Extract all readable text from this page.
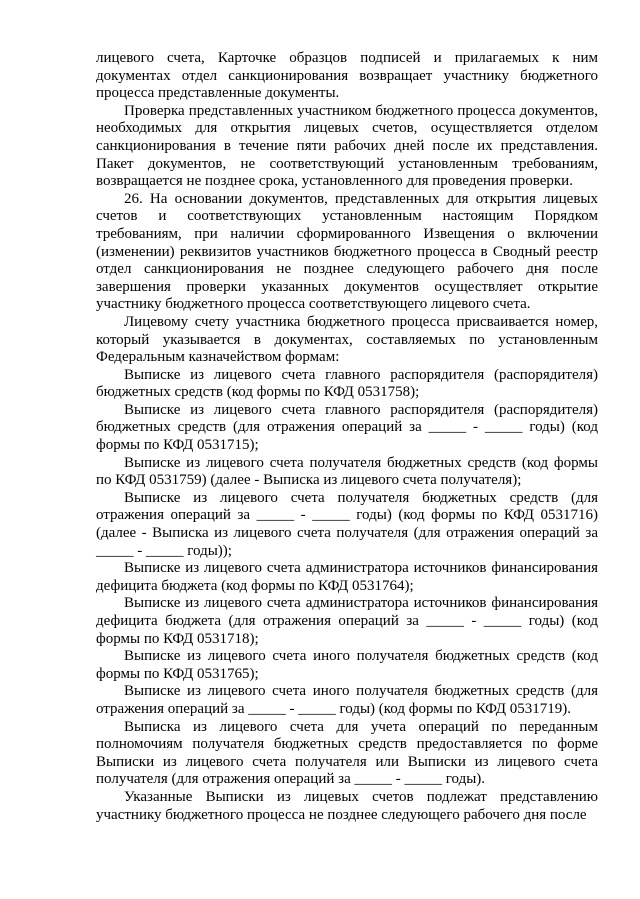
лицевого счета, Карточке образцов подписей и прилагаемых к ним документах отдел санкционирования возвращает участнику бюджетного процесса представленные документы.

Проверка представленных участником бюджетного процесса документов, необходимых для открытия лицевых счетов, осуществляется отделом санкционирования в течение пяти рабочих дней после их представления. Пакет документов, не соответствующий установленным требованиям, возвращается не позднее срока, установленного для проведения проверки.

26. На основании документов, представленных для открытия лицевых счетов и соответствующих установленным настоящим Порядком требованиям, при наличии сформированного Извещения о включении (изменении) реквизитов участников бюджетного процесса в Сводный реестр отдел санкционирования не позднее следующего рабочего дня после завершения проверки указанных документов осуществляет открытие участнику бюджетного процесса соответствующего лицевого счета.

Лицевому счету участника бюджетного процесса присваивается номер, который указывается в документах, составляемых по установленным Федеральным казначейством формам:

Выписке из лицевого счета главного распорядителя (распорядителя) бюджетных средств (код формы по КФД 0531758);

Выписке из лицевого счета главного распорядителя (распорядителя) бюджетных средств (для отражения операций за _____ - _____ годы) (код формы по КФД 0531715);

Выписке из лицевого счета получателя бюджетных средств (код формы по КФД 0531759) (далее - Выписка из лицевого счета получателя);

Выписке из лицевого счета получателя бюджетных средств (для отражения операций за _____ - _____ годы) (код формы по КФД 0531716) (далее - Выписка из лицевого счета получателя (для отражения операций за _____ - _____ годы));

Выписке из лицевого счета администратора источников финансирования дефицита бюджета (код формы по КФД 0531764);

Выписке из лицевого счета администратора источников финансирования дефицита бюджета (для отражения операций за _____ - _____ годы) (код формы по КФД 0531718);

Выписке из лицевого счета иного получателя бюджетных средств (код формы по КФД 0531765);

Выписке из лицевого счета иного получателя бюджетных средств (для отражения операций за _____ - _____ годы) (код формы по КФД 0531719).

Выписка из лицевого счета для учета операций по переданным полномочиям получателя бюджетных средств предоставляется по форме Выписки из лицевого счета получателя или Выписки из лицевого счета получателя (для отражения операций за _____ - _____ годы).

Указанные Выписки из лицевых счетов подлежат представлению участнику бюджетного процесса не позднее следующего рабочего дня после
